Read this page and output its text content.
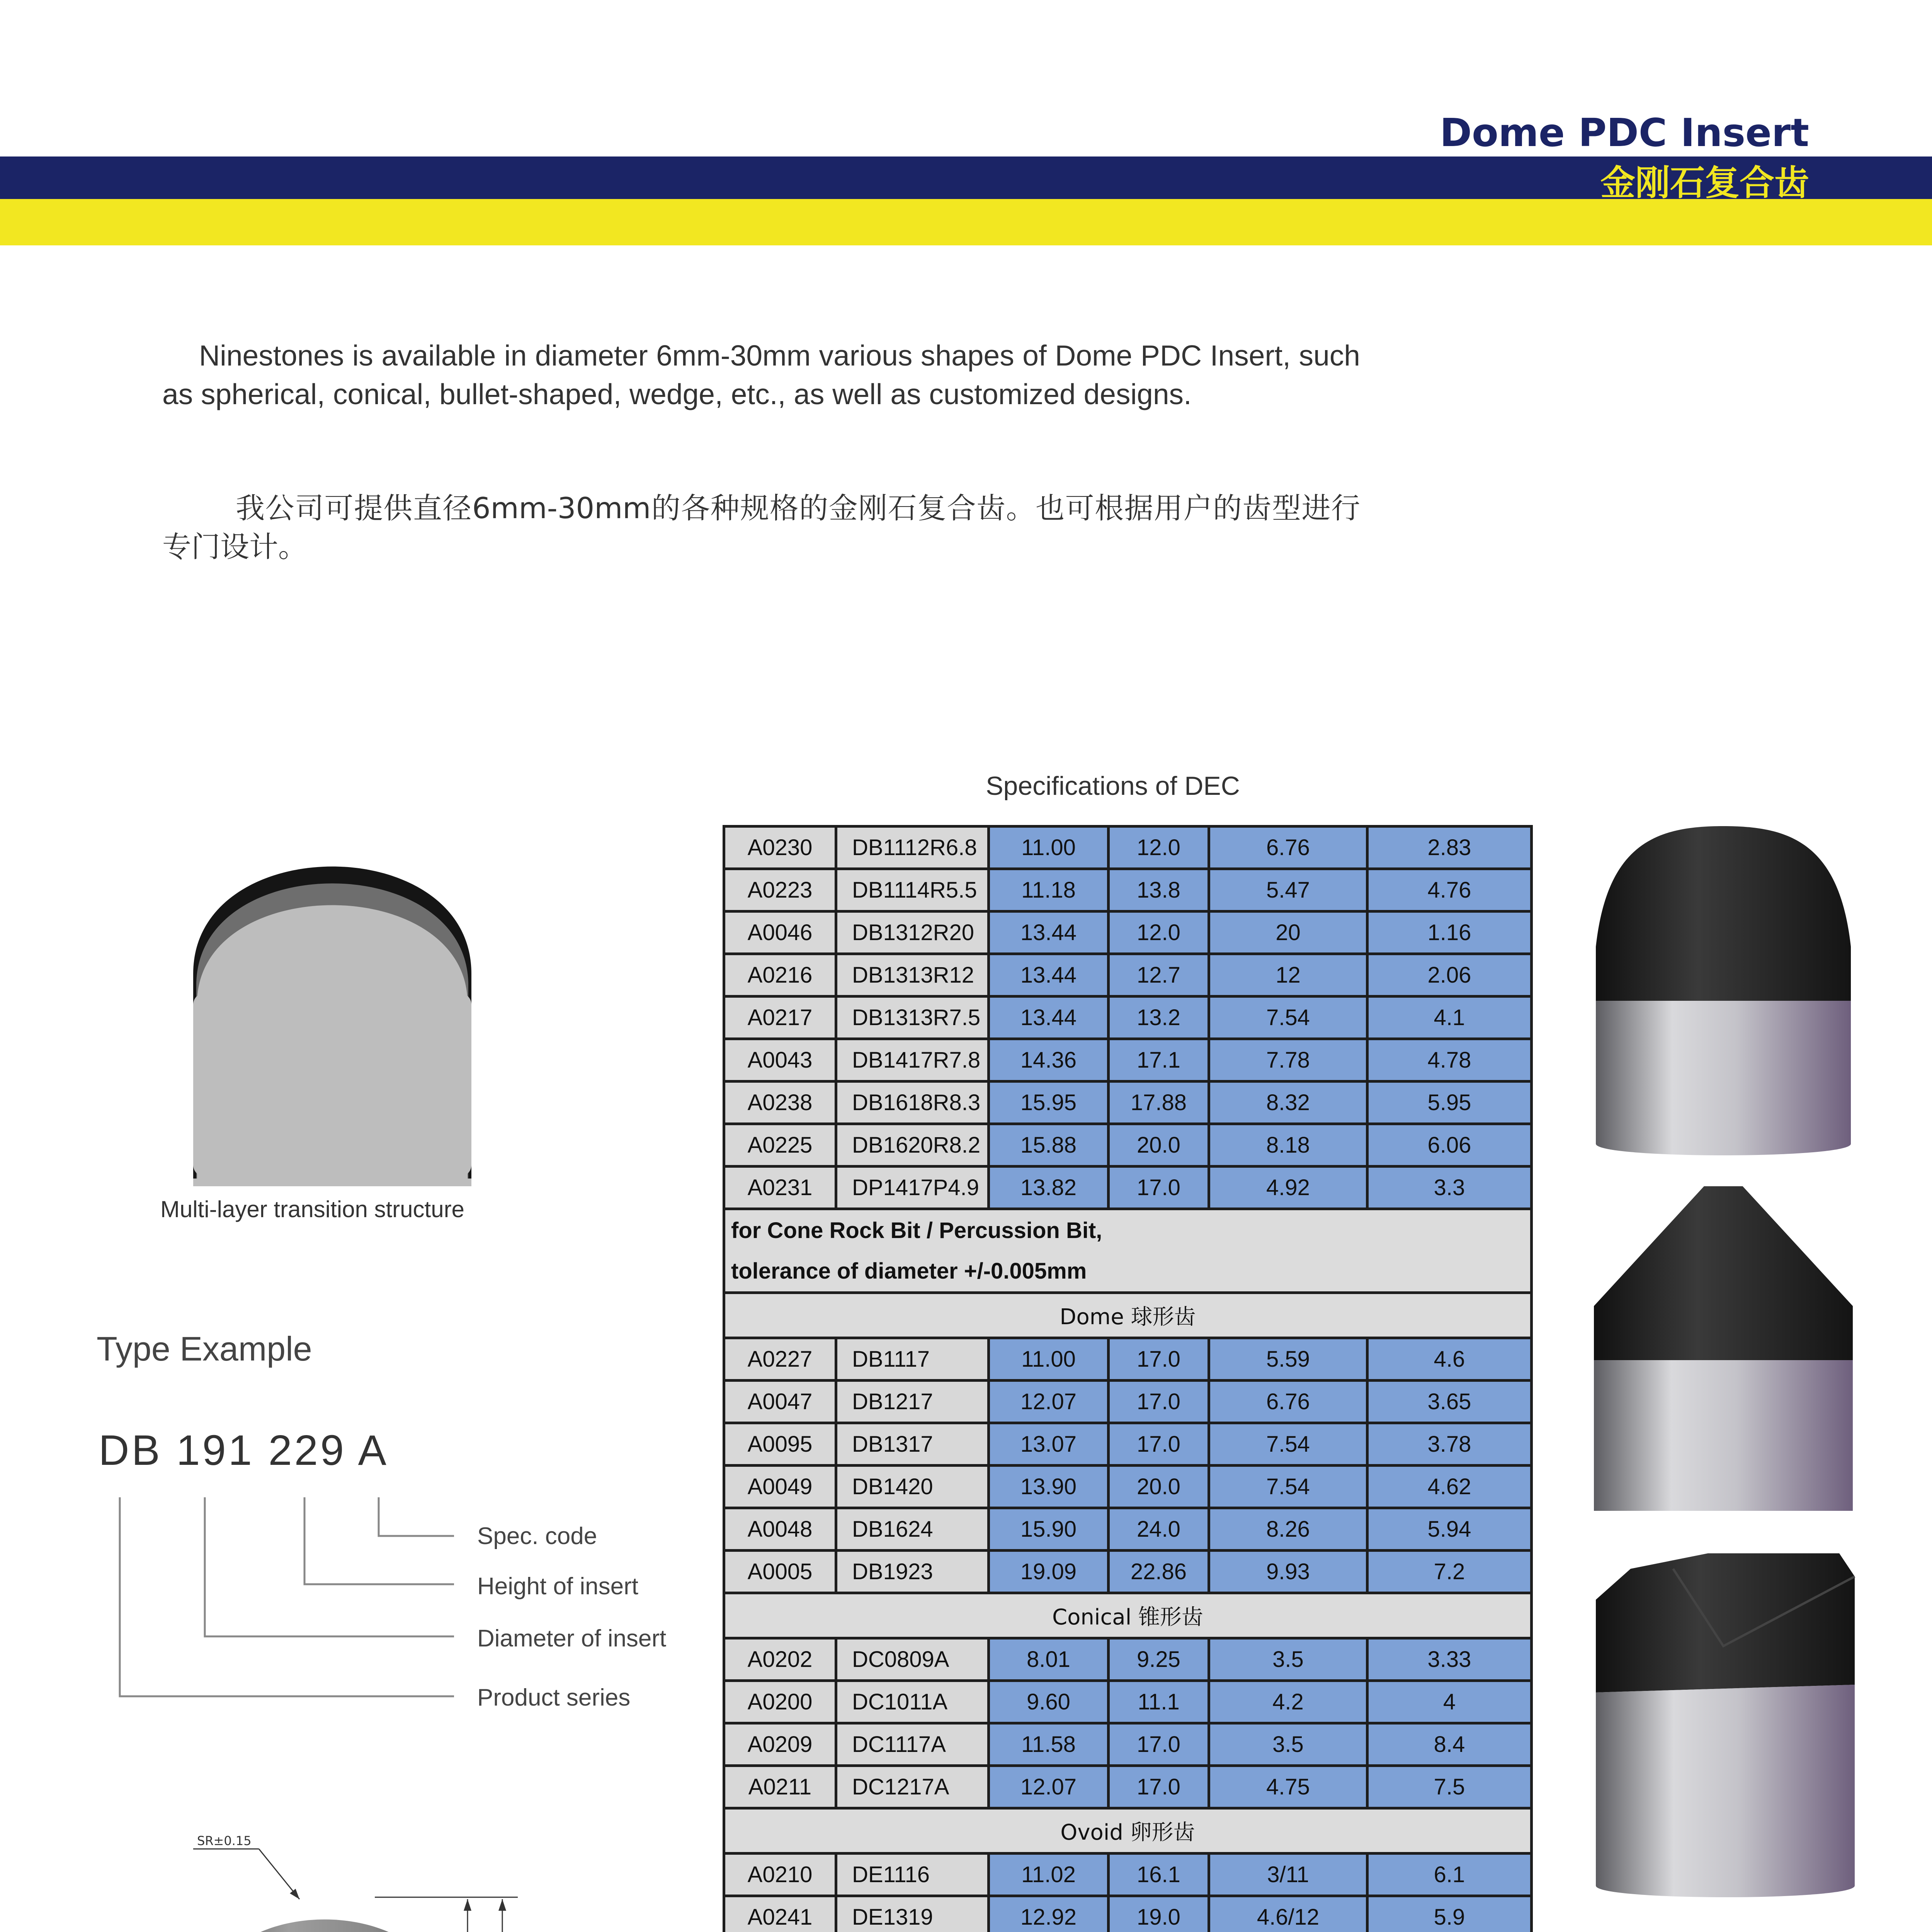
Dome PDC Insert
金刚石复合齿

Ninestones is available in diameter 6mm-30mm various shapes of Dome PDC Insert, such as spherical, conical, bullet-shaped, wedge, etc., as well as customized designs.

我公司可提供直径6mm-30mm的各种规格的金刚石复合齿。也可根据用户的齿型进行专门设计。

Multi-layer transition structure
Type Example
DB 191 229 A
Spec. code
Height of insert
Diameter of insert
Product series
SR±0.15
Specifications of DEC
A0230	DB1112R6.8	11.00	12.0	6.76	2.83
A0223	DB1114R5.5	11.18	13.8	5.47	4.76
A0046	DB1312R20	13.44	12.0	20	1.16
A0216	DB1313R12	13.44	12.7	12	2.06
A0217	DB1313R7.5	13.44	13.2	7.54	4.1
A0043	DB1417R7.8	14.36	17.1	7.78	4.78
A0238	DB1618R8.3	15.95	17.88	8.32	5.95
A0225	DB1620R8.2	15.88	20.0	8.18	6.06
A0231	DP1417P4.9	13.82	17.0	4.92	3.3

for Cone Rock Bit / Percussion Bit,
tolerance of diameter +/-0.005mm					

Dome 球形齿					
A0227	DB1117	11.00	17.0	5.59	4.6
A0047	DB1217	12.07	17.0	6.76	3.65
A0095	DB1317	13.07	17.0	7.54	3.78
A0049	DB1420	13.90	20.0	7.54	4.62
A0048	DB1624	15.90	24.0	8.26	5.94
A0005	DB1923	19.09	22.86	9.93	7.2
Conical 锥形齿					
A0202	DC0809A	8.01	9.25	3.5	3.33
A0200	DC1011A	9.60	11.1	4.2	4
A0209	DC1117A	11.58	17.0	3.5	8.4
A0211	DC1217A	12.07	17.0	4.75	7.5
Ovoid 卵形齿					
A0210	DE1116	11.02	16.1	3/11	6.1
A0241	DE1319	12.92	19.0	4.6/12	5.9
